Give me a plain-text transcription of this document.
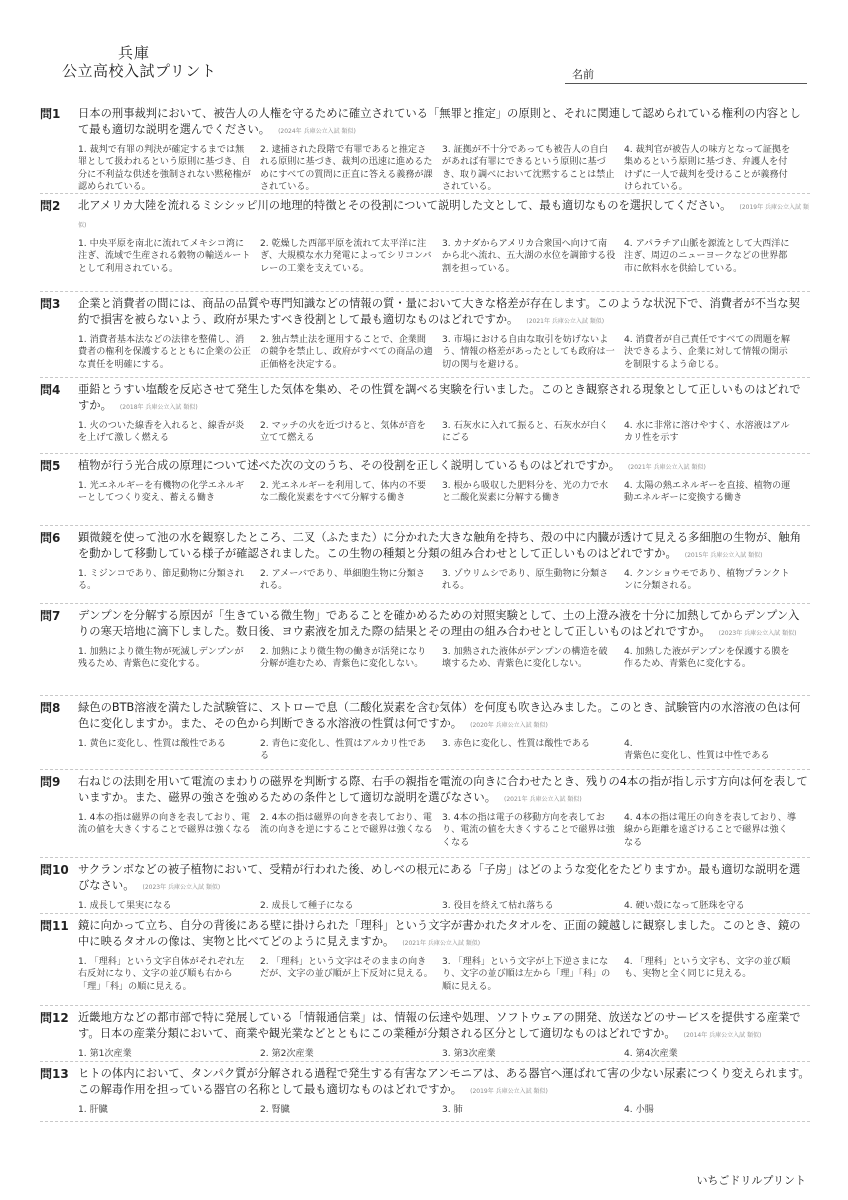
兵庫
公立高校入試プリント	名前
問1 日本の刑事裁判において、被告人の人権を守るために確立されている「無罪と推定」の原則と、それに関連して認められている権利の内容として最も適切な説明を選んでください。 (2024年 兵庫公立入試 類似)
1. 裁判で有罪の判決が確定するまでは無罪として扱われるという原則に基づき、自分に不利益な供述を強制されない黙秘権が認められている。
2. 逮捕された段階で有罪であると推定される原則に基づき、裁判の迅速に進めるためにすべての質問に正直に答える義務が課されている。
3. 証拠が不十分であっても被告人の自白があれば有罪にできるという原則に基づき、取り調べにおいて沈黙することは禁止されている。
4. 裁判官が被告人の味方となって証拠を集めるという原則に基づき、弁護人を付けずに一人で裁判を受けることが義務付けられている。
問2 北アメリカ大陸を流れるミシシッピ川の地理的特徴とその役割について説明した文として、最も適切なものを選択してください。 (2019年 兵庫公立入試 類似)
1. 中央平原を南北に流れてメキシコ湾に注ぎ、流域で生産される穀物の輸送ルートとして利用されている。
2. 乾燥した西部平原を流れて太平洋に注ぎ、大規模な水力発電によってシリコンバレーの工業を支えている。
3. カナダからアメリカ合衆国へ向けて南から北へ流れ、五大湖の水位を調節する役割を担っている。
4. アパラチア山脈を源流として大西洋に注ぎ、周辺のニューヨークなどの世界都市に飲料水を供給している。
問3 企業と消費者の間には、商品の品質や専門知識などの情報の質・量において大きな格差が存在します。このような状況下で、消費者が不当な契約で損害を被らないよう、政府が果たすべき役割として最も適切なものはどれですか。 (2021年 兵庫公立入試 類似)
1. 消費者基本法などの法律を整備し、消費者の権利を保護するとともに企業の公正な責任を明確にする。
2. 独占禁止法を運用することで、企業間の競争を禁止し、政府がすべての商品の適正価格を決定する。
3. 市場における自由な取引を妨げないよう、情報の格差があったとしても政府は一切の関与を避ける。
4. 消費者が自己責任ですべての問題を解決できるよう、企業に対して情報の開示を制限するよう命じる。
問4 亜鉛とうすい塩酸を反応させて発生した気体を集め、その性質を調べる実験を行いました。このとき観察される現象として正しいものはどれですか。 (2018年 兵庫公立入試 類似)
1. 火のついた線香を入れると、線香が炎を上げて激しく燃える
2. マッチの火を近づけると、気体が音を立てて燃える
3. 石灰水に入れて振ると、石灰水が白くにごる
4. 水に非常に溶けやすく、水溶液はアルカリ性を示す
問5 植物が行う光合成の原理について述べた次の文のうち、その役割を正しく説明しているものはどれですか。 (2021年 兵庫公立入試 類似)
1. 光エネルギーを有機物の化学エネルギーとしてつくり変え、蓄える働き
2. 光エネルギーを利用して、体内の不要な二酸化炭素をすべて分解する働き
3. 根から吸収した肥料分を、光の力で水と二酸化炭素に分解する働き
4. 太陽の熱エネルギーを直接、植物の運動エネルギーに変換する働き
問6 顕微鏡を使って池の水を観察したところ、二叉（ふたまた）に分かれた大きな触角を持ち、殻の中に内臓が透けて見える多細胞の生物が、触角を動かして移動している様子が確認されました。この生物の種類と分類の組み合わせとして正しいものはどれですか。 (2015年 兵庫公立入試 類似)
1. ミジンコであり、節足動物に分類される。
2. アメーバであり、単細胞生物に分類される。
3. ゾウリムシであり、原生動物に分類される。
4. クンショウモであり、植物プランクトンに分類される。
問7 デンプンを分解する原因が「生きている微生物」であることを確かめるための対照実験として、土の上澄み液を十分に加熱してからデンプン入りの寒天培地に滴下しました。数日後、ヨウ素液を加えた際の結果とその理由の組み合わせとして正しいものはどれですか。 (2023年 兵庫公立入試 類似)
1. 加熱により微生物が死滅しデンプンが残るため、青紫色に変化する。
2. 加熱により微生物の働きが活発になり分解が進むため、青紫色に変化しない。
3. 加熱された液体がデンプンの構造を破壊するため、青紫色に変化しない。
4. 加熱した液がデンプンを保護する膜を作るため、青紫色に変化する。
問8 緑色のBTB溶液を満たした試験管に、ストローで息（二酸化炭素を含む気体）を何度も吹き込みました。このとき、試験管内の水溶液の色は何色に変化しますか。また、その色から判断できる水溶液の性質は何ですか。 (2020年 兵庫公立入試 類似)
1. 黄色に変化し、性質は酸性である	2. 青色に変化し、性質はアルカリ性である
3. 赤色に変化し、性質は酸性である	4.
青紫色に変化し、性質は中性である
問9 右ねじの法則を用いて電流のまわりの磁界を判断する際、右手の親指を電流の向きに合わせたとき、残りの4本の指が指し示す方向は何を表していますか。また、磁界の強さを強めるための条件として適切な説明を選びなさい。 (2021年 兵庫公立入試 類似)
1. 4本の指は磁界の向きを表しており、電流の値を大きくすることで磁界は強くなる
2. 4本の指は磁界の向きを表しており、電流の向きを逆にすることで磁界は強くなる
3. 4本の指は電子の移動方向を表しており、電流の値を大きくすることで磁界は強くなる
4. 4本の指は電圧の向きを表しており、導線から距離を遠ざけることで磁界は強くなる
問10 サクランボなどの被子植物において、受精が行われた後、めしべの根元にある「子房」はどのような変化をたどりますか。最も適切な説明を選びなさい。 (2023年 兵庫公立入試 類似)
1. 成長して果実になる	2. 成長して種子になる	3. 役目を終えて枯れ落ちる	4. 硬い殻になって胚珠を守る
問11 鏡に向かって立ち、自分の背後にある壁に掛けられた「理科」という文字が書かれたタオルを、正面の鏡越しに観察しました。このとき、鏡の中に映るタオルの像は、実物と比べてどのように見えますか。 (2021年 兵庫公立入試 類似)
1. 「理科」という文字自体がそれぞれ左右反対になり、文字の並び順も右から「理」「科」の順に見える。
2. 「理科」という文字はそのままの向きだが、文字の並び順が上下反対に見える。
3. 「理科」という文字が上下逆さまになり、文字の並び順は左から「理」「科」の順に見える。
4. 「理科」という文字も、文字の並び順も、実物と全く同じに見える。
問12 近畿地方などの都市部で特に発展している「情報通信業」は、情報の伝達や処理、ソフトウェアの開発、放送などのサービスを提供する産業です。日本の産業分類において、商業や観光業などとともにこの業種が分類される区分として適切なものはどれですか。 (2014年 兵庫公立入試 類似)
1. 第1次産業	2. 第2次産業	3. 第3次産業	4. 第4次産業
問13 ヒトの体内において、タンパク質が分解される過程で発生する有害なアンモニアは、ある器官へ運ばれて害の少ない尿素につくり変えられます。この解毒作用を担っている器官の名称として最も適切なものはどれですか。 (2019年 兵庫公立入試 類似)
1. 肝臓	2. 腎臓	3. 肺	4. 小腸
いちごドリルプリント
